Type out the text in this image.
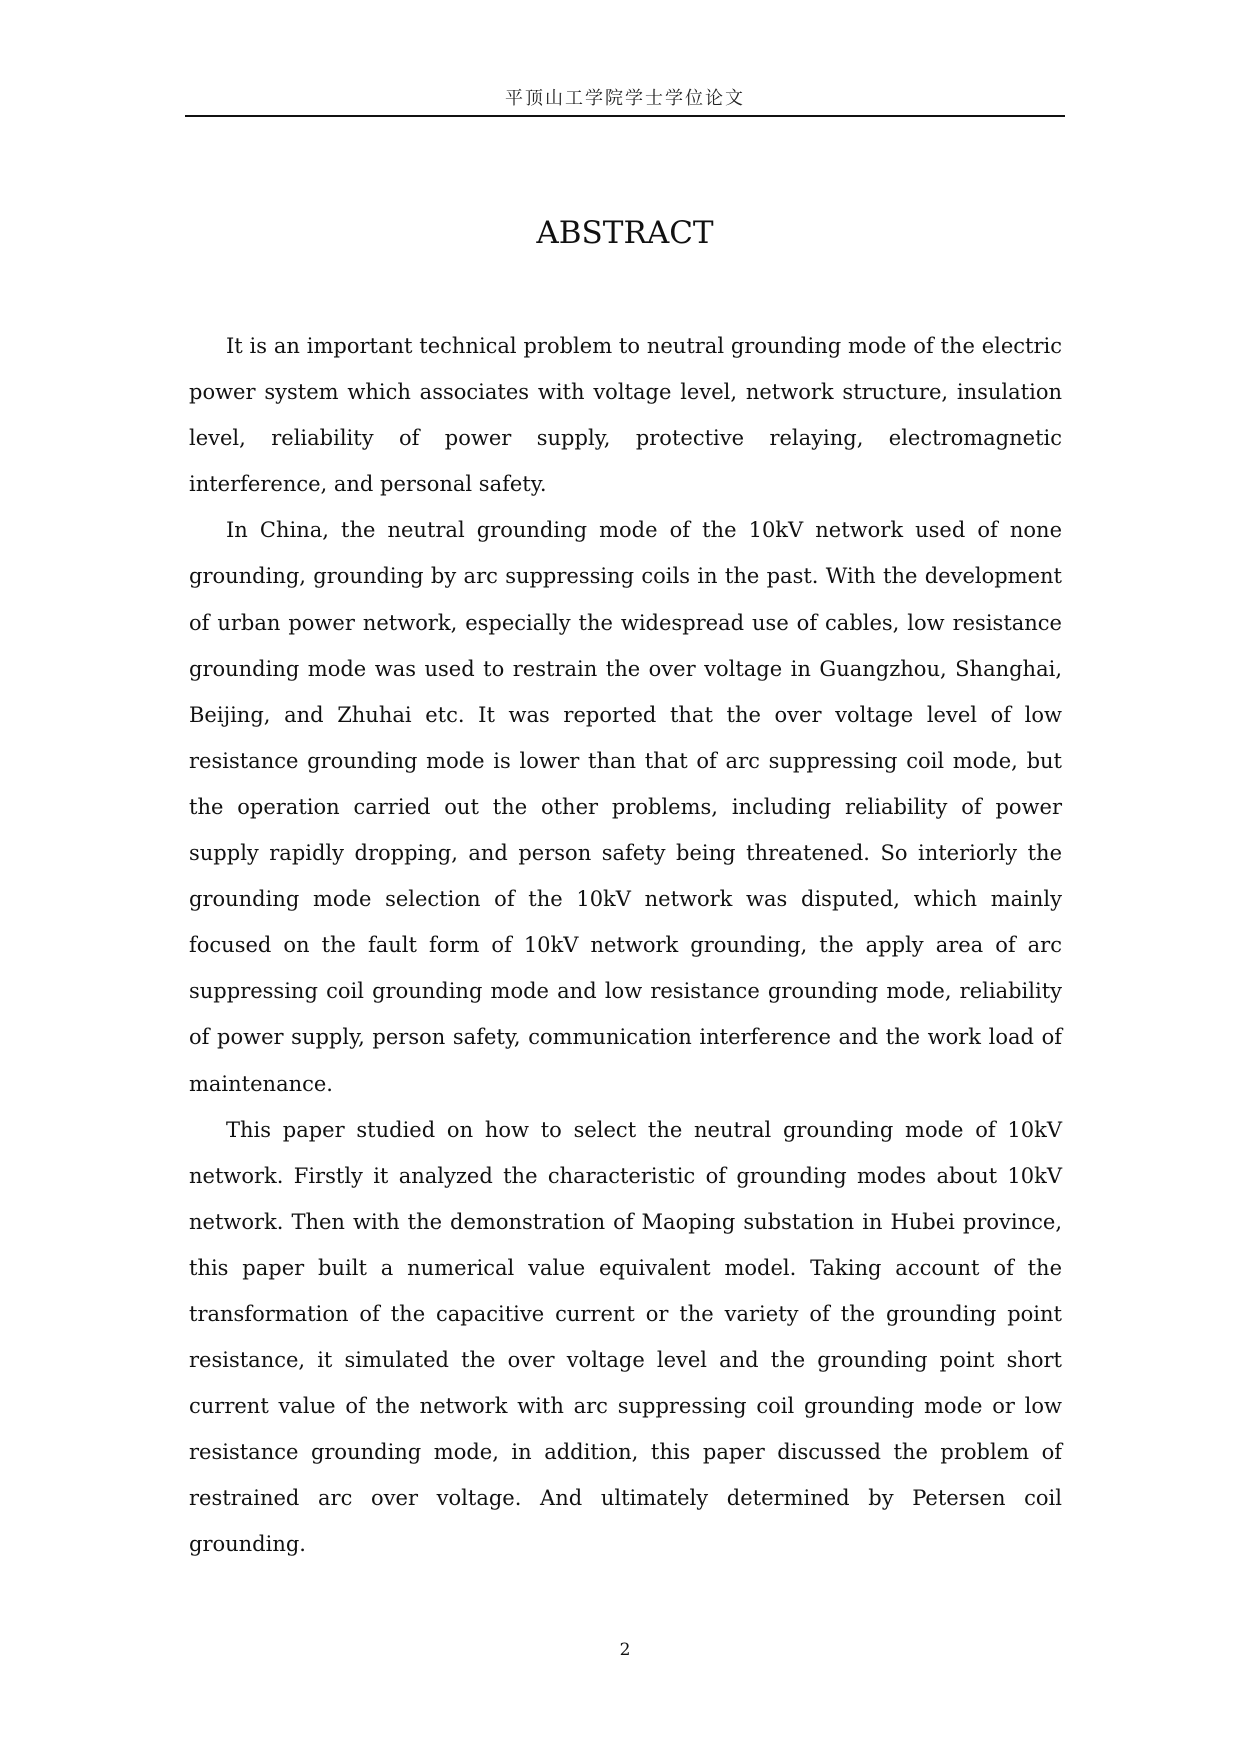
平顶山工学院学士学位论文
ABSTRACT

It is an important technical problem to neutral grounding mode of the electric power system which associates with voltage level, network structure, insulation level, reliability of power supply, protective relaying, electromagnetic interference, and personal safety.

In China, the neutral grounding mode of the 10kV network used of none grounding, grounding by arc suppressing coils in the past. With the development of urban power network, especially the widespread use of cables, low resistance grounding mode was used to restrain the over voltage in Guangzhou, Shanghai, Beijing, and Zhuhai etc. It was reported that the over voltage level of low resistance grounding mode is lower than that of arc suppressing coil mode, but the operation carried out the other problems, including reliability of power supply rapidly dropping, and person safety being threatened. So interiorly the grounding mode selection of the 10kV network was disputed, which mainly focused on the fault form of 10kV network grounding, the apply area of arc suppressing coil grounding mode and low resistance grounding mode, reliability of power supply, person safety, communication interference and the work load of maintenance.

This paper studied on how to select the neutral grounding mode of 10kV network. Firstly it analyzed the characteristic of grounding modes about 10kV network. Then with the demonstration of Maoping substation in Hubei province, this paper built a numerical value equivalent model. Taking account of the transformation of the capacitive current or the variety of the grounding point resistance, it simulated the over voltage level and the grounding point short current value of the network with arc suppressing coil grounding mode or low resistance grounding mode, in addition, this paper discussed the problem of restrained arc over voltage. And ultimately determined by Petersen coil grounding.

2
